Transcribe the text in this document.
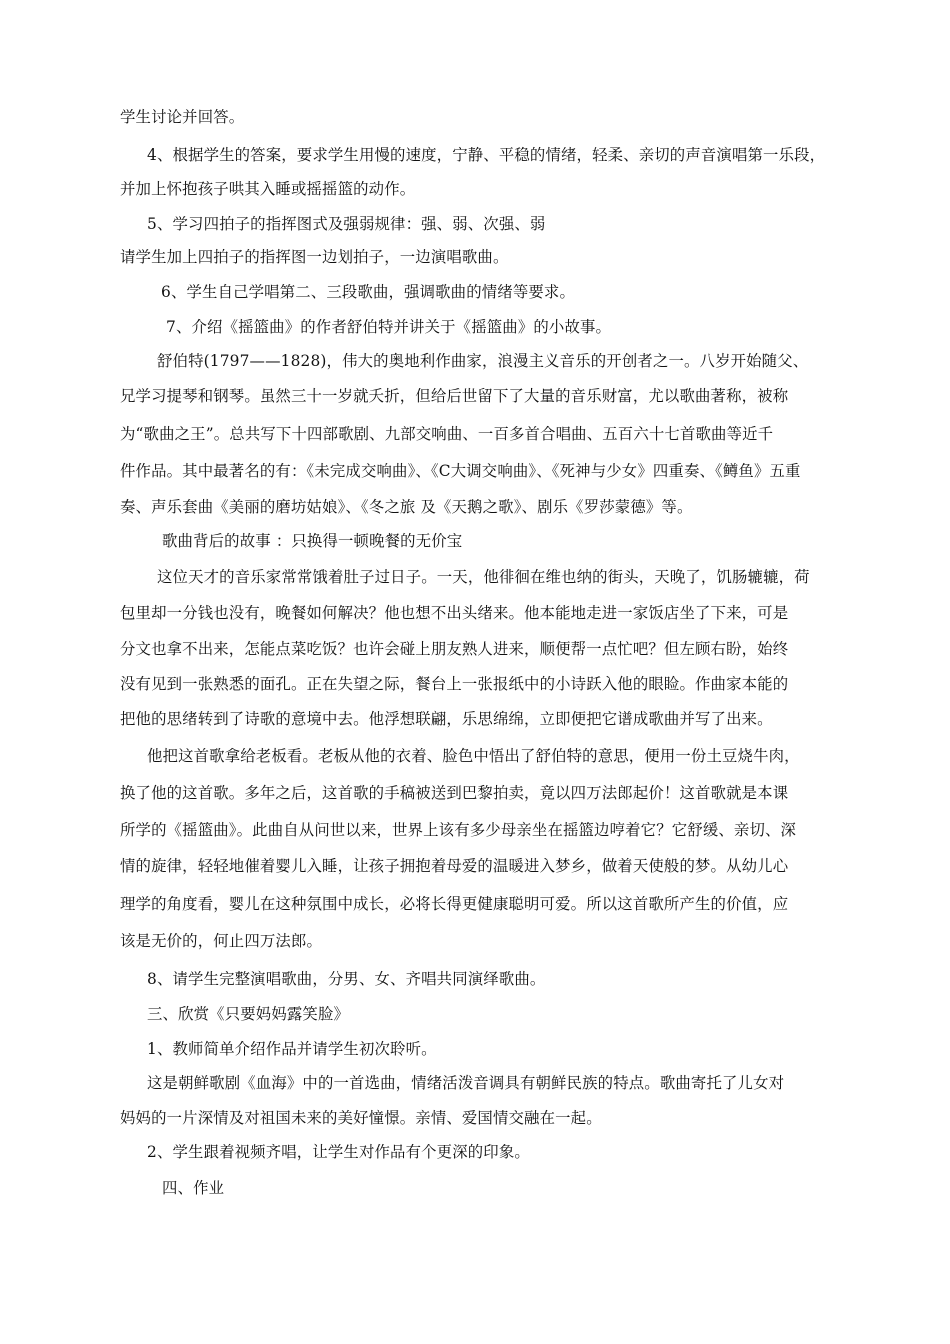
学生讨论并回答。
4、根据学生的答案，要求学生用慢的速度，宁静、平稳的情绪，轻柔、亲切的声音演唱第一乐段，
并加上怀抱孩子哄其入睡或摇摇篮的动作。
5、学习四拍子的指挥图式及强弱规律：强、弱、次强、弱
请学生加上四拍子的指挥图一边划拍子，一边演唱歌曲。
6、学生自己学唱第二、三段歌曲，强调歌曲的情绪等要求。
7、介绍《摇篮曲》的作者舒伯特并讲关于《摇篮曲》的小故事。
舒伯特(1797——1828)，伟大的奥地利作曲家，浪漫主义音乐的开创者之一。八岁开始随父、
兄学习提琴和钢琴。虽然三十一岁就夭折，但给后世留下了大量的音乐财富，尤以歌曲著称，被称
为“歌曲之王”。总共写下十四部歌剧、九部交响曲、一百多首合唱曲、五百六十七首歌曲等近千
件作品。其中最著名的有：《未完成交响曲》、《C大调交响曲》、《死神与少女》四重奏、《鳟鱼》五重
奏、声乐套曲《美丽的磨坊姑娘》、《冬之旅 及《天鹅之歌》、剧乐《罗莎蒙德》等。
歌曲背后的故事 ：只换得一顿晚餐的无价宝
这位天才的音乐家常常饿着肚子过日子。一天，他徘徊在维也纳的街头，天晚了，饥肠辘辘，荷
包里却一分钱也没有，晚餐如何解决？他也想不出头绪来。他本能地走进一家饭店坐了下来，可是
分文也拿不出来，怎能点菜吃饭？也许会碰上朋友熟人进来，顺便帮一点忙吧？但左顾右盼，始终
没有见到一张熟悉的面孔。正在失望之际，餐台上一张报纸中的小诗跃入他的眼睑。作曲家本能的
把他的思绪转到了诗歌的意境中去。他浮想联翩，乐思绵绵，立即便把它谱成歌曲并写了出来。
他把这首歌拿给老板看。老板从他的衣着、脸色中悟出了舒伯特的意思，便用一份土豆烧牛肉，
换了他的这首歌。多年之后，这首歌的手稿被送到巴黎拍卖，竟以四万法郎起价！这首歌就是本课
所学的《摇篮曲》。此曲自从问世以来，世界上该有多少母亲坐在摇篮边哼着它？它舒缓、亲切、深
情的旋律，轻轻地催着婴儿入睡，让孩子拥抱着母爱的温暖进入梦乡，做着天使般的梦。从幼儿心
理学的角度看，婴儿在这种氛围中成长，必将长得更健康聪明可爱。所以这首歌所产生的价值，应
该是无价的，何止四万法郎。
8、请学生完整演唱歌曲，分男、女、齐唱共同演绎歌曲。
三、欣赏《只要妈妈露笑脸》
1、教师简单介绍作品并请学生初次聆听。
这是朝鲜歌剧《血海》中的一首选曲，情绪活泼音调具有朝鲜民族的特点。歌曲寄托了儿女对
妈妈的一片深情及对祖国未来的美好憧憬。亲情、爱国情交融在一起。
2、学生跟着视频齐唱，让学生对作品有个更深的印象。
四、作业
